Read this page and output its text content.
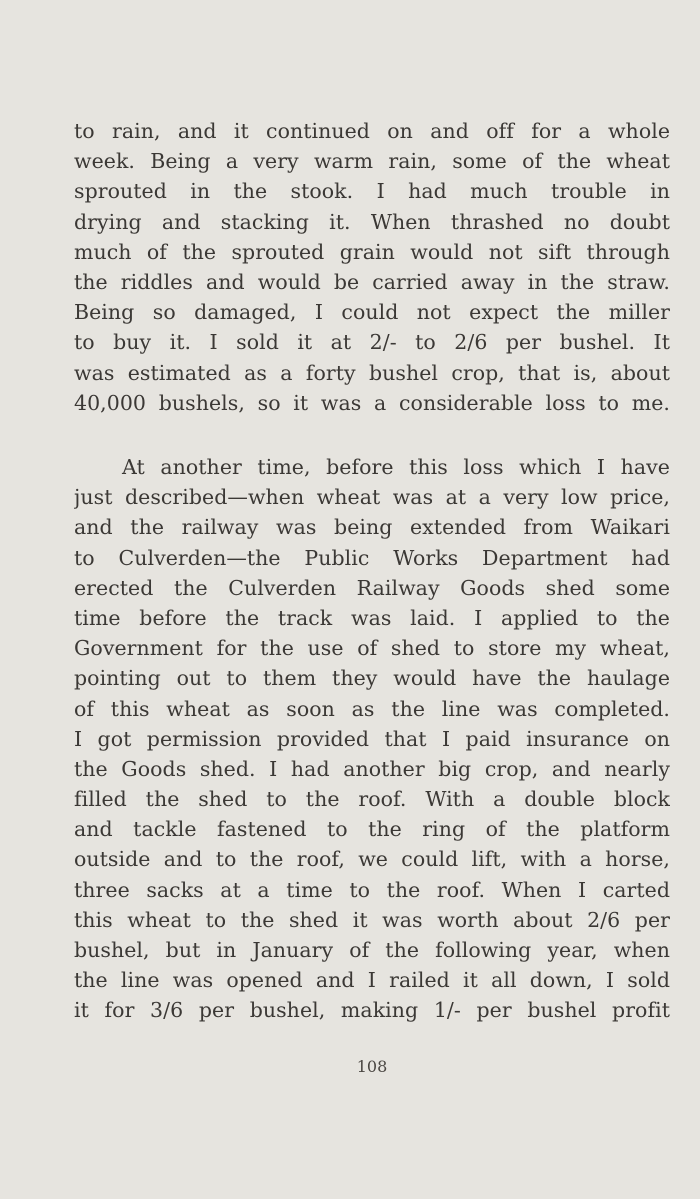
to rain, and it continued on and off for a whole
week. Being a very warm rain, some of the wheat
sprouted in the stook. I had much trouble in
drying and stacking it. When thrashed no doubt
much of the sprouted grain would not sift through
the riddles and would be carried away in the straw.
Being so damaged, I could not expect the miller
to buy it. I sold it at 2/- to 2/6 per bushel. It
was estimated as a forty bushel crop, that is, about
40,000 bushels, so it was a considerable loss to me.
At another time, before this loss which I have
just described—when wheat was at a very low price,
and the railway was being extended from Waikari
to Culverden—the Public Works Department had
erected the Culverden Railway Goods shed some
time before the track was laid. I applied to the
Government for the use of shed to store my wheat,
pointing out to them they would have the haulage
of this wheat as soon as the line was completed.
I got permission provided that I paid insurance on
the Goods shed. I had another big crop, and nearly
filled the shed to the roof. With a double block
and tackle fastened to the ring of the platform
outside and to the roof, we could lift, with a horse,
three sacks at a time to the roof. When I carted
this wheat to the shed it was worth about 2/6 per
bushel, but in January of the following year, when
the line was opened and I railed it all down, I sold
it for 3/6 per bushel, making 1/- per bushel profit
108
